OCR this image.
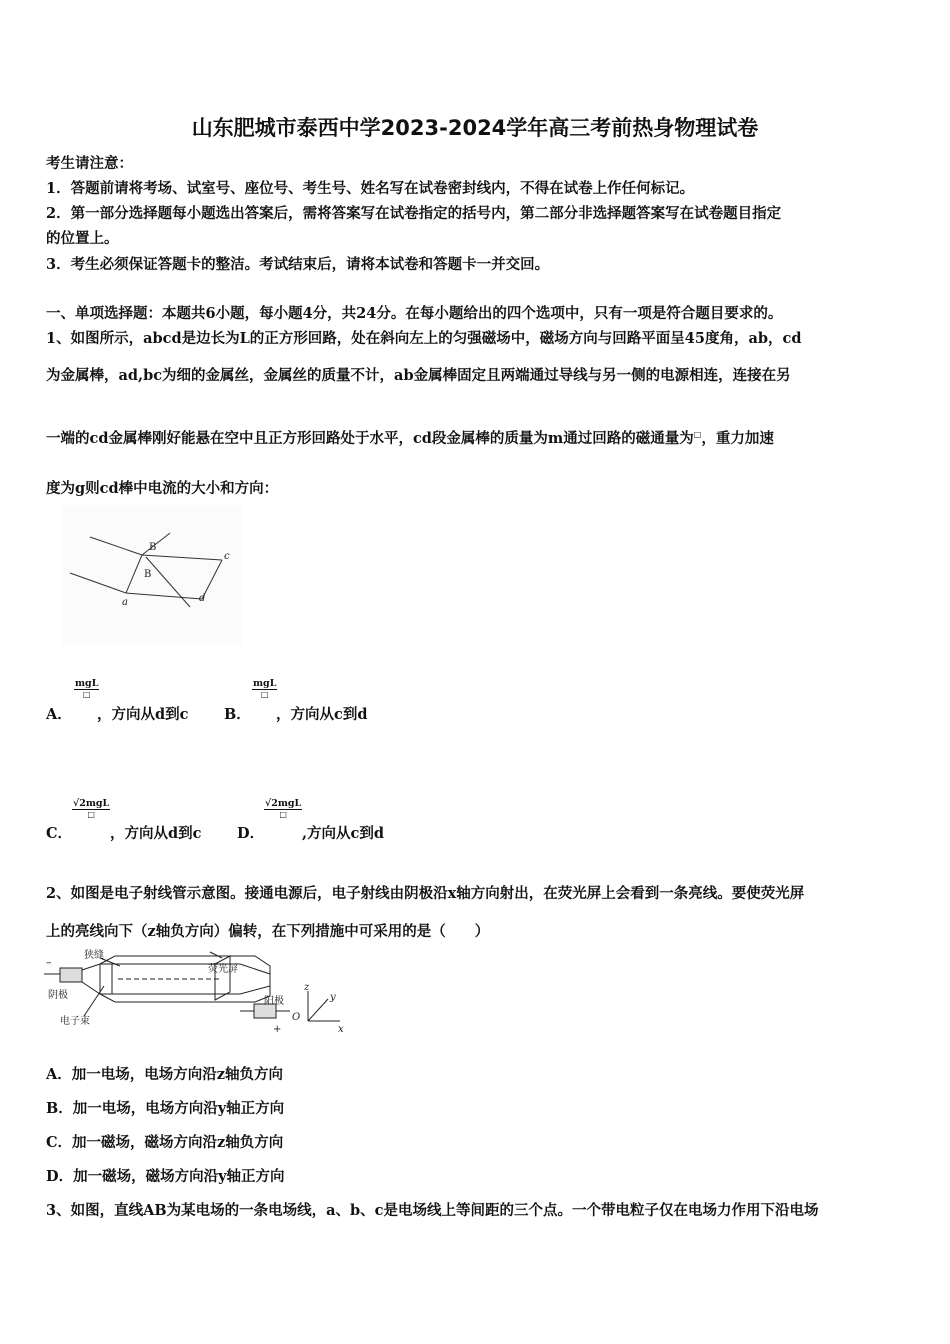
山东肥城市泰西中学2023-2024学年高三考前热身物理试卷
考生请注意：
1．答题前请将考场、试室号、座位号、考生号、姓名写在试卷密封线内，不得在试卷上作任何标记。
2．第一部分选择题每小题选出答案后，需将答案写在试卷指定的括号内，第二部分非选择题答案写在试卷题目指定
的位置上。
3．考生必须保证答题卡的整洁。考试结束后，请将本试卷和答题卡一并交回。
一、单项选择题：本题共6小题，每小题4分，共24分。在每小题给出的四个选项中，只有一项是符合题目要求的。
1、如图所示，abcd是边长为L的正方形回路，处在斜向左上的匀强磁场中，磁场方向与回路平面呈45度角，ab，cd
为金属棒，ad,bc为细的金属丝，金属丝的质量不计，ab金属棒固定且两端通过导线与另一侧的电源相连，连接在另
一端的cd金属棒刚好能悬在空中且正方形回路处于水平，cd段金属棒的质量为m通过回路的磁通量为□，重力加速
度为g则cd棒中电流的大小和方向：
B
c
B
a	d
A．
mgL
□
，方向从d到c B．
mgL
□
，方向从c到d
C．
√2mgL
□
，方向从d到c D．
√2mgL
□
,方向从c到d
2、如图是电子射线管示意图。接通电源后，电子射线由阴极沿x轴方向射出，在荧光屏上会看到一条亮线。要使荧光屏
上的亮线向下（z轴负方向）偏转，在下列措施中可采用的是（　　）
–
狭缝
荧光屏
阴极
阳极
电子束
+
z
y
O
x
A．加一电场，电场方向沿z轴负方向
B．加一电场，电场方向沿y轴正方向
C．加一磁场，磁场方向沿z轴负方向
D．加一磁场，磁场方向沿y轴正方向
3、如图，直线AB为某电场的一条电场线，a、b、c是电场线上等间距的三个点。一个带电粒子仅在电场力作用下沿电场
